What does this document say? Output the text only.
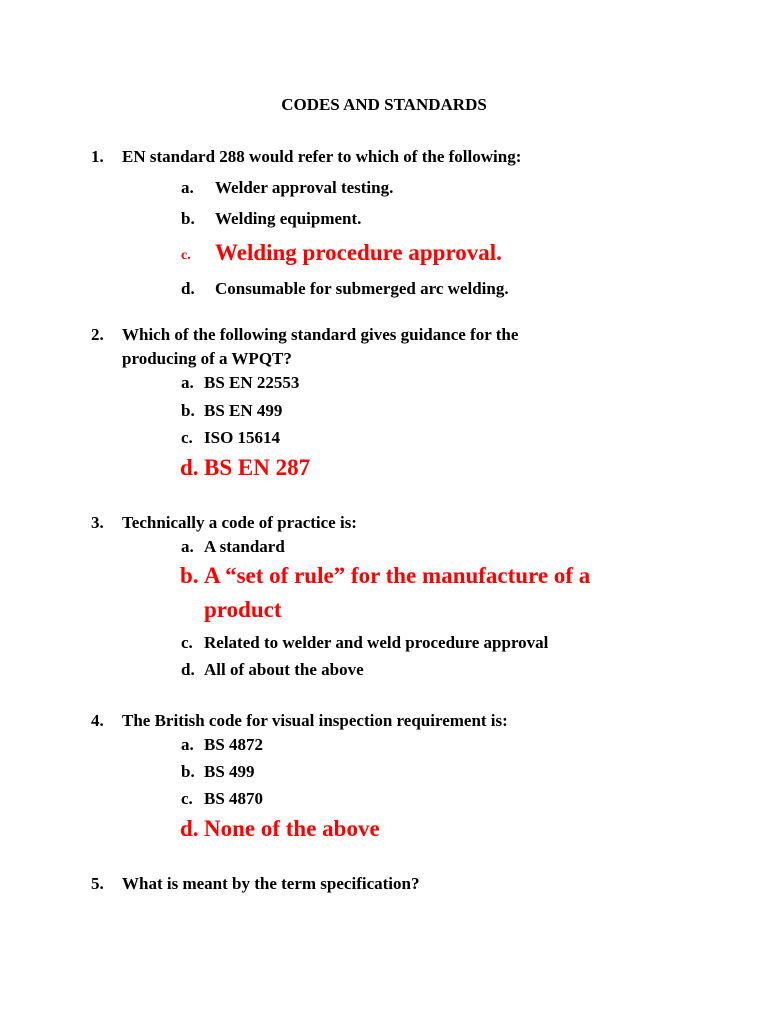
CODES AND STANDARDS
1. EN standard 288 would refer to which of the following:
a. Welder approval testing.
b. Welding equipment.
c. Welding procedure approval.
d. Consumable for submerged arc welding.
2. Which of the following standard gives guidance for the
producing of a WPQT?
a. BS EN 22553
b. BS EN 499
c. ISO 15614
d. BS EN 287
3. Technically a code of practice is:
a. A standard
b. A “set of rule” for the manufacture of a
product
c. Related to welder and weld procedure approval
d. All of about the above
4. The British code for visual inspection requirement is:
a. BS 4872
b. BS 499
c. BS 4870
d. None of the above
5. What is meant by the term specification?
